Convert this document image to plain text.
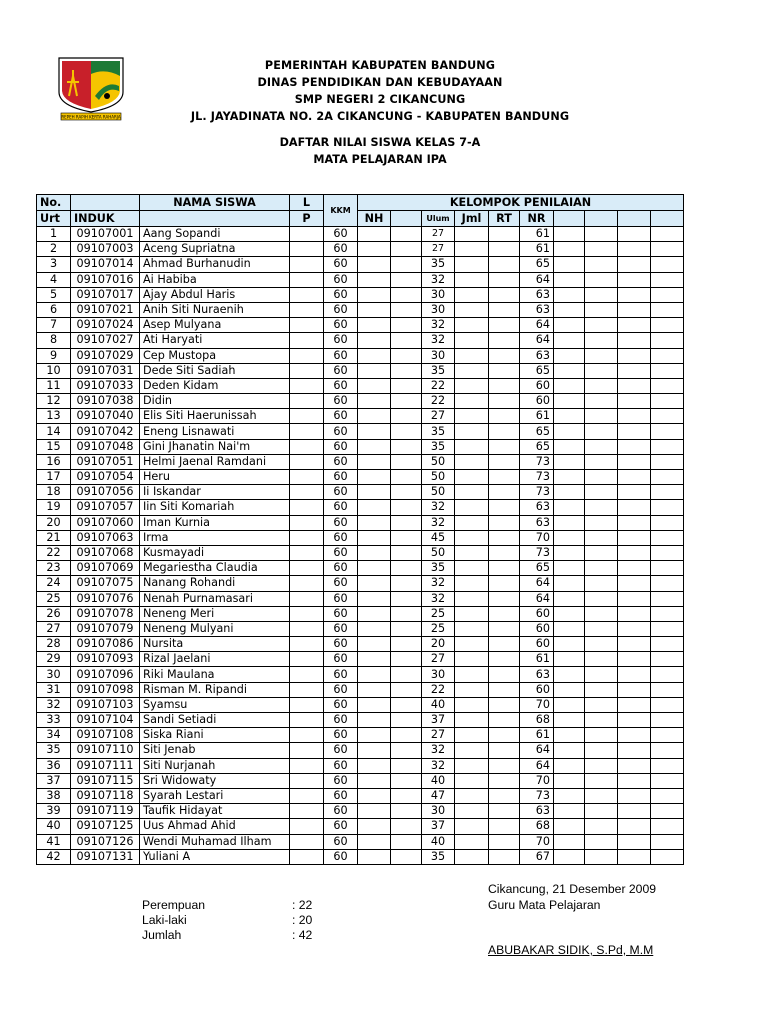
REPEH RAPIH KERTA RAHARJA
PEMERINTAH KABUPATEN BANDUNG
DINAS PENDIDIKAN DAN KEBUDAYAAN
SMP NEGERI 2 CIKANCUNG
JL. JAYADINATA NO. 2A CIKANCUNG - KABUPATEN BANDUNG
DAFTAR NILAI SISWA KELAS 7-A
MATA PELAJARAN IPA
No.		NAMA SISWA	L	KKM	KELOMPOK PENILAIAN									
Urt	INDUK		P		NH		Ulum	Jml	RT	NR				
1	09107001	Aang Sopandi		60			27			61				
2	09107003	Aceng Supriatna		60			27			61				
3	09107014	Ahmad Burhanudin		60			35			65				
4	09107016	Ai Habiba		60			32			64				
5	09107017	Ajay Abdul Haris		60			30			63				
6	09107021	Anih Siti Nuraenih		60			30			63				
7	09107024	Asep Mulyana		60			32			64				
8	09107027	Ati Haryati		60			32			64				
9	09107029	Cep Mustopa		60			30			63				
10	09107031	Dede Siti Sadiah		60			35			65				
11	09107033	Deden Kidam		60			22			60				
12	09107038	Didin		60			22			60				
13	09107040	Elis Siti Haerunissah		60			27			61				
14	09107042	Eneng Lisnawati		60			35			65				
15	09107048	Gini Jhanatin Nai'm		60			35			65				
16	09107051	Helmi Jaenal Ramdani		60			50			73				
17	09107054	Heru		60			50			73				
18	09107056	Ii Iskandar		60			50			73				
19	09107057	Iin Siti Komariah		60			32			63				
20	09107060	Iman Kurnia		60			32			63				
21	09107063	Irma		60			45			70				
22	09107068	Kusmayadi		60			50			73				
23	09107069	Megariestha Claudia		60			35			65				
24	09107075	Nanang Rohandi		60			32			64				
25	09107076	Nenah Purnamasari		60			32			64				
26	09107078	Neneng Meri		60			25			60				
27	09107079	Neneng Mulyani		60			25			60				
28	09107086	Nursita		60			20			60				
29	09107093	Rizal Jaelani		60			27			61				
30	09107096	Riki Maulana		60			30			63				
31	09107098	Risman M. Ripandi		60			22			60				
32	09107103	Syamsu		60			40			70				
33	09107104	Sandi Setiadi		60			37			68				
34	09107108	Siska Riani		60			27			61				
35	09107110	Siti Jenab		60			32			64				
36	09107111	Siti Nurjanah		60			32			64				
37	09107115	Sri Widowaty		60			40			70				
38	09107118	Syarah Lestari		60			47			73				
39	09107119	Taufik Hidayat		60			30			63				
40	09107125	Uus Ahmad Ahid		60			37			68				
41	09107126	Wendi Muhamad Ilham		60			40			70				
42	09107131	Yuliani A		60			35			67				
Perempuan	: 22
Laki-laki	: 20
Jumlah	: 42
Cikancung, 21 Desember 2009
Guru Mata Pelajaran
ABUBAKAR SIDIK, S.Pd, M.M
